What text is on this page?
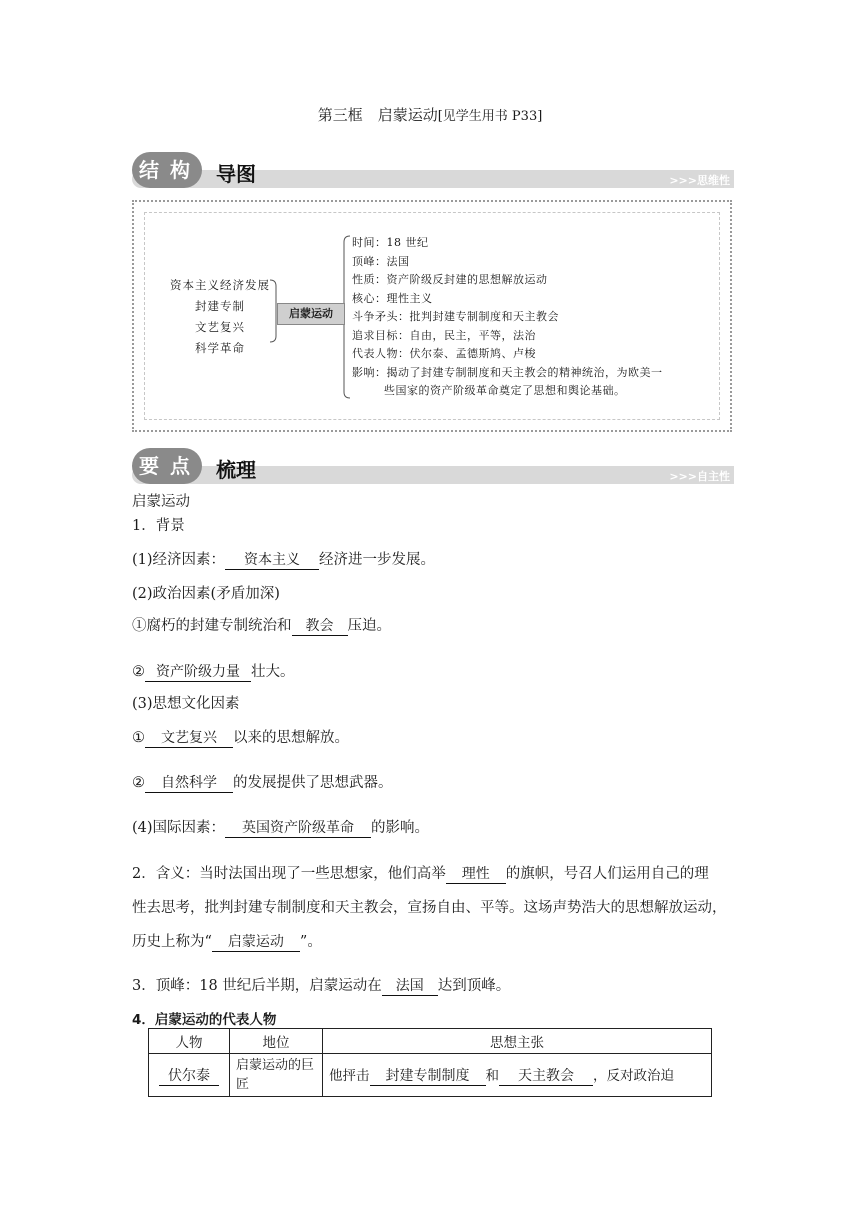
第三框　启蒙运动[见学生用书 P33]
结 构 导图	>>>思维性
资本主义经济发展
封建专制
文艺复兴
科学革命
启蒙运动
时间：18 世纪
顶峰：法国
性质：资产阶级反封建的思想解放运动
核心：理性主义
斗争矛头：批判封建专制制度和天主教会
追求目标：自由，民主，平等，法治
代表人物：伏尔泰、孟德斯鸠、卢梭
影响：揭动了封建专制制度和天主教会的精神统治，为欧美一
些国家的资产阶级革命奠定了思想和舆论基础。
要 点 梳理	>>>自主性
启蒙运动
1．背景
(1)经济因素： 资本主义 经济进一步发展。
(2)政治因素(矛盾加深)
①腐朽的封建专制统治和 教会 压迫。
② 资产阶级力量 壮大。
(3)思想文化因素
① 文艺复兴 以来的思想解放。
② 自然科学 的发展提供了思想武器。
(4)国际因素： 英国资产阶级革命 的影响。
2．含义：当时法国出现了一些思想家，他们高举 理性 的旗帜，号召人们运用自己的理
性去思考，批判封建专制制度和天主教会，宣扬自由、平等。这场声势浩大的思想解放运动，
历史上称为“ 启蒙运动 ”。
3．顶峰：18 世纪后半期，启蒙运动在 法国 达到顶峰。
4．启蒙运动的代表人物
人物	地位	思想主张
伏尔泰	启蒙运动的巨匠	他抨击 封建专制制度 和 天主教会 ，反对政治迫
